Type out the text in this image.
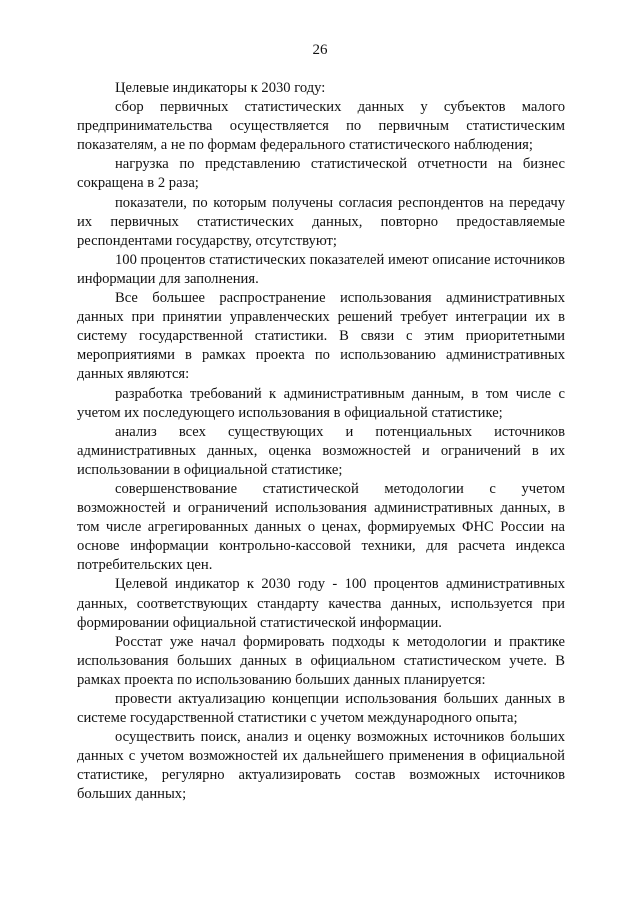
26

Целевые индикаторы к 2030 году:

сбор первичных статистических данных у субъектов малого предпринимательства осуществляется по первичным статистическим показателям, а не по формам федерального статистического наблюдения;

нагрузка по представлению статистической отчетности на бизнес сокращена в 2 раза;

показатели, по которым получены согласия респондентов на передачу их первичных статистических данных, повторно предоставляемые респондентами государству, отсутствуют;

100 процентов статистических показателей имеют описание источников информации для заполнения.

Все большее распространение использования административных данных при принятии управленческих решений требует интеграции их в систему государственной статистики. В связи с этим приоритетными мероприятиями в рамках проекта по использованию административных данных являются:

разработка требований к административным данным, в том числе с учетом их последующего использования в официальной статистике;

анализ всех существующих и потенциальных источников административных данных, оценка возможностей и ограничений в их использовании в официальной статистике;

совершенствование статистической методологии с учетом возможностей и ограничений использования административных данных, в том числе агрегированных данных о ценах, формируемых ФНС России на основе информации контрольно-кассовой техники, для расчета индекса потребительских цен.

Целевой индикатор к 2030 году - 100 процентов административных данных, соответствующих стандарту качества данных, используется при формировании официальной статистической информации.

Росстат уже начал формировать подходы к методологии и практике использования больших данных в официальном статистическом учете. В рамках проекта по использованию больших данных планируется:

провести актуализацию концепции использования больших данных в системе государственной статистики с учетом международного опыта;

осуществить поиск, анализ и оценку возможных источников больших данных с учетом возможностей их дальнейшего применения в официальной статистике, регулярно актуализировать состав возможных источников больших данных;
